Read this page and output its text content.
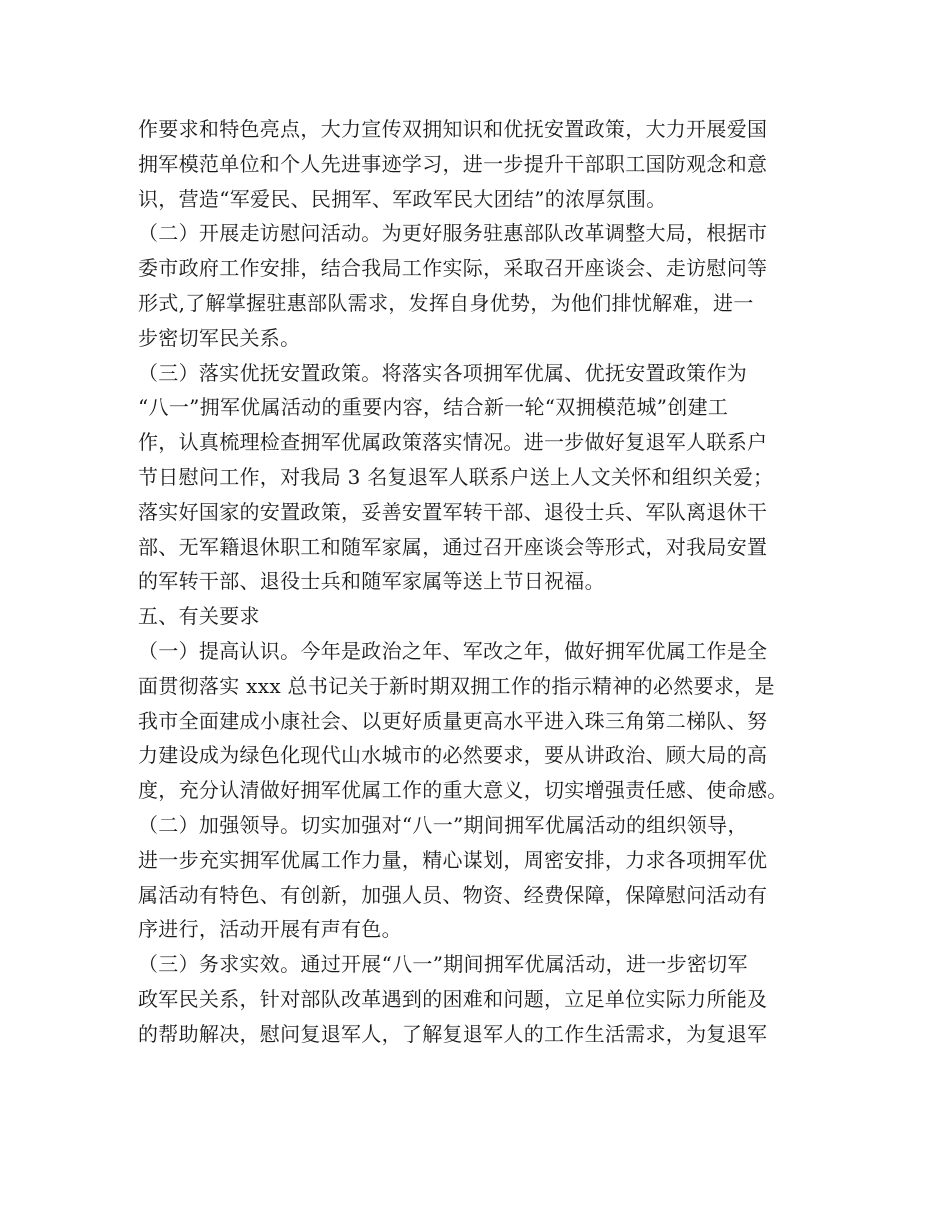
作要求和特色亮点，大力宣传双拥知识和优抚安置政策，大力开展爱国
拥军模范单位和个人先进事迹学习，进一步提升干部职工国防观念和意
识，营造“军爱民、民拥军、军政军民大团结”的浓厚氛围。
（二）开展走访慰问活动。为更好服务驻惠部队改革调整大局，根据市
委市政府工作安排，结合我局工作实际，采取召开座谈会、走访慰问等
形式,了解掌握驻惠部队需求，发挥自身优势，为他们排忧解难，进一
步密切军民关系。
（三）落实优抚安置政策。将落实各项拥军优属、优抚安置政策作为
“八一”拥军优属活动的重要内容，结合新一轮“双拥模范城”创建工
作，认真梳理检查拥军优属政策落实情况。进一步做好复退军人联系户
节日慰问工作，对我局 3 名复退军人联系户送上人文关怀和组织关爱；
落实好国家的安置政策，妥善安置军转干部、退役士兵、军队离退休干
部、无军籍退休职工和随军家属，通过召开座谈会等形式，对我局安置
的军转干部、退役士兵和随军家属等送上节日祝福。
五、有关要求
（一）提高认识。今年是政治之年、军改之年，做好拥军优属工作是全
面贯彻落实 xxx 总书记关于新时期双拥工作的指示精神的必然要求，是
我市全面建成小康社会、以更好质量更高水平进入珠三角第二梯队、努
力建设成为绿色化现代山水城市的必然要求，要从讲政治、顾大局的高
度，充分认清做好拥军优属工作的重大意义，切实增强责任感、使命感。
（二）加强领导。切实加强对“八一”期间拥军优属活动的组织领导，
进一步充实拥军优属工作力量，精心谋划，周密安排，力求各项拥军优
属活动有特色、有创新，加强人员、物资、经费保障，保障慰问活动有
序进行，活动开展有声有色。
（三）务求实效。通过开展“八一”期间拥军优属活动，进一步密切军
政军民关系，针对部队改革遇到的困难和问题，立足单位实际力所能及
的帮助解决，慰问复退军人，了解复退军人的工作生活需求，为复退军
